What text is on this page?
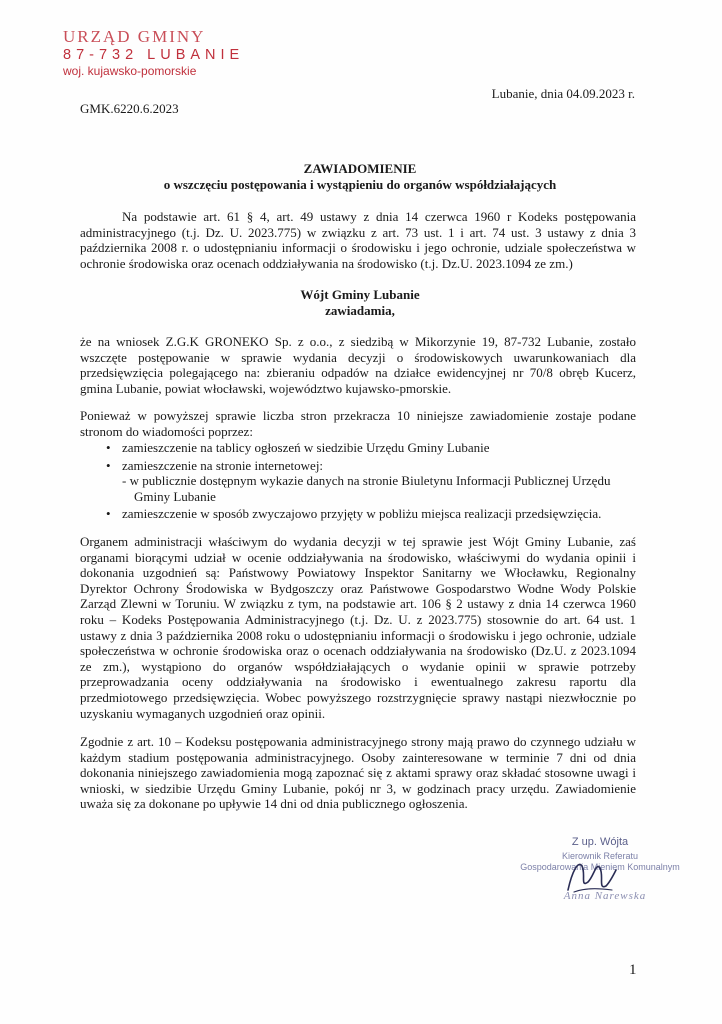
URZĄD GMINY
87-732 LUBANIE
woj. kujawsko-pomorskie
Lubanie, dnia 04.09.2023 r.
GMK.6220.6.2023
ZAWIADOMIENIE
o wszczęciu postępowania i wystąpieniu do organów współdziałających
Na podstawie art. 61 § 4, art. 49 ustawy z dnia 14 czerwca 1960 r Kodeks postępowania administracyjnego (t.j. Dz. U. 2023.775) w związku z art. 73 ust. 1 i art. 74 ust. 3 ustawy z dnia 3 października 2008 r. o udostępnianiu informacji o środowisku i jego ochronie, udziale społeczeństwa w ochronie środowiska oraz ocenach oddziaływania na środowisko (t.j. Dz.U. 2023.1094 ze zm.)
Wójt Gminy Lubanie
zawiadamia,
że na wniosek Z.G.K GRONEKO Sp. z o.o., z siedzibą w Mikorzynie 19, 87-732 Lubanie, zostało wszczęte postępowanie w sprawie wydania decyzji o środowiskowych uwarunkowaniach dla przedsięwzięcia polegającego na: zbieraniu odpadów na działce ewidencyjnej nr 70/8 obręb Kucerz, gmina Lubanie, powiat włocławski, województwo kujawsko-pmorskie.
Ponieważ w powyższej sprawie liczba stron przekracza 10 niniejsze zawiadomienie zostaje podane stronom do wiadomości poprzez:
• zamieszczenie na tablicy ogłoszeń w siedzibie Urzędu Gminy Lubanie
• zamieszczenie na stronie internetowej:
- w publicznie dostępnym wykazie danych na stronie Biuletynu Informacji Publicznej Urzędu
Gminy Lubanie
• zamieszczenie w sposób zwyczajowo przyjęty w pobliżu miejsca realizacji przedsięwzięcia.
Organem administracji właściwym do wydania decyzji w tej sprawie jest Wójt Gminy Lubanie, zaś organami biorącymi udział w ocenie oddziaływania na środowisko, właściwymi do wydania opinii i dokonania uzgodnień są: Państwowy Powiatowy Inspektor Sanitarny we Włocławku, Regionalny Dyrektor Ochrony Środowiska w Bydgoszczy oraz Państwowe Gospodarstwo Wodne Wody Polskie Zarząd Zlewni w Toruniu. W związku z tym, na podstawie art. 106 § 2 ustawy z dnia 14 czerwca 1960 roku – Kodeks Postępowania Administracyjnego (t.j. Dz. U. z 2023.775) stosownie do art. 64 ust. 1 ustawy z dnia 3 października 2008 roku o udostępnianiu informacji o środowisku i jego ochronie, udziale społeczeństwa w ochronie środowiska oraz o ocenach oddziaływania na środowisko (Dz.U. z 2023.1094 ze zm.), wystąpiono do organów współdziałających o wydanie opinii w sprawie potrzeby przeprowadzania oceny oddziaływania na środowisko i ewentualnego zakresu raportu dla przedmiotowego przedsięwzięcia. Wobec powyższego rozstrzygnięcie sprawy nastąpi niezwłocznie po uzyskaniu wymaganych uzgodnień oraz opinii.
Zgodnie z art. 10 – Kodeksu postępowania administracyjnego strony mają prawo do czynnego udziału w każdym stadium postępowania administracyjnego. Osoby zainteresowane w terminie 7 dni od dnia dokonania niniejszego zawiadomienia mogą zapoznać się z aktami sprawy oraz składać stosowne uwagi i wnioski, w siedzibie Urzędu Gminy Lubanie, pokój nr 3, w godzinach pracy urzędu. Zawiadomienie uważa się za dokonane po upływie 14 dni od dnia publicznego ogłoszenia.
Z up. Wójta
Kierownik Referatu
Gospodarowania Mieniem Komunalnym
Anna Narewska
1
